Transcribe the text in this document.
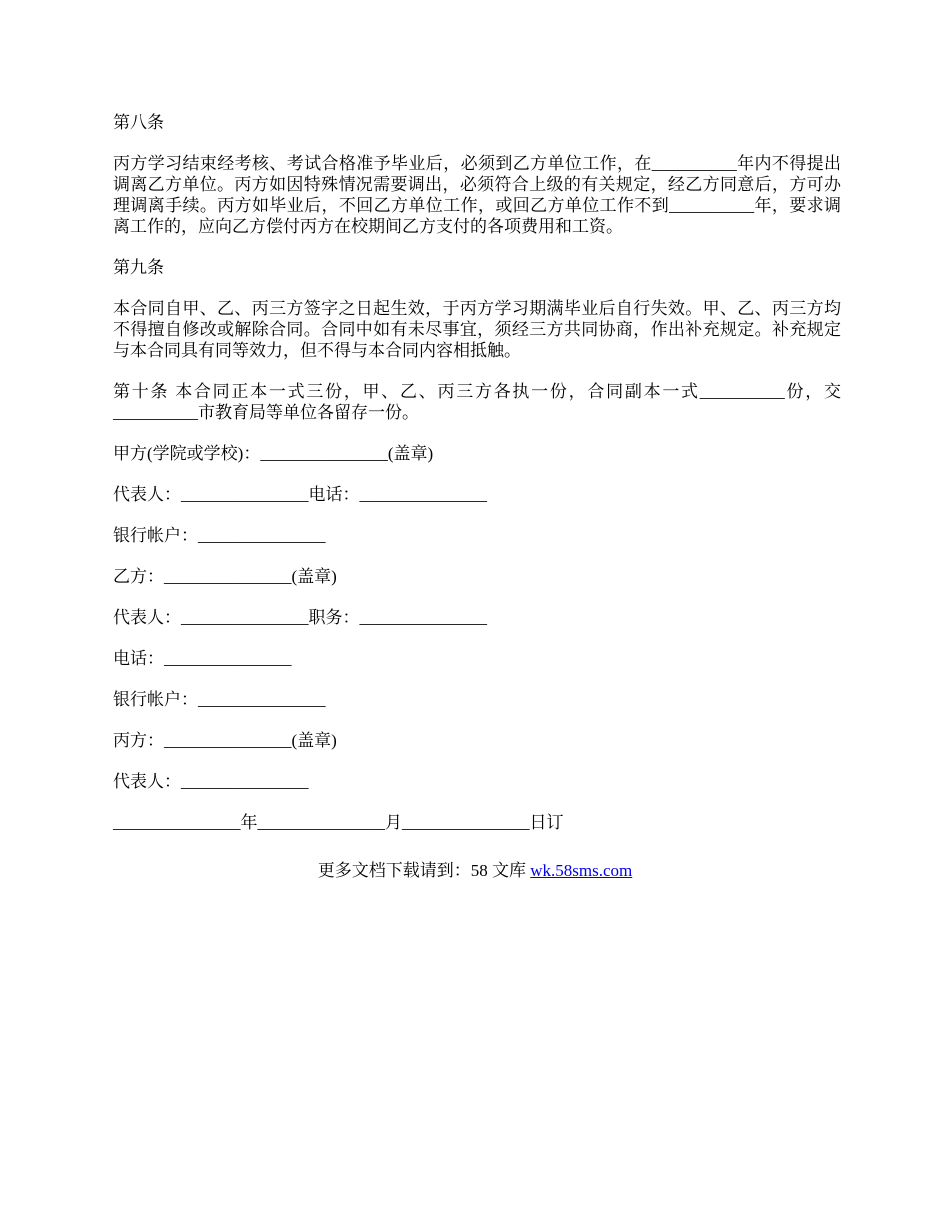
第八条

丙方学习结束经考核、考试合格准予毕业后，必须到乙方单位工作，在__________年内不得提出调离乙方单位。丙方如因特殊情况需要调出，必须符合上级的有关规定，经乙方同意后，方可办理调离手续。丙方如毕业后，不回乙方单位工作，或回乙方单位工作不到__________年，要求调离工作的，应向乙方偿付丙方在校期间乙方支付的各项费用和工资。

第九条

本合同自甲、乙、丙三方签字之日起生效，于丙方学习期满毕业后自行失效。甲、乙、丙三方均不得擅自修改或解除合同。合同中如有未尽事宜，须经三方共同协商，作出补充规定。补充规定与本合同具有同等效力，但不得与本合同内容相抵触。

第十条 本合同正本一式三份，甲、乙、丙三方各执一份，合同副本一式__________份，交__________市教育局等单位各留存一份。

甲方(学院或学校)：_______________(盖章)

代表人：_______________电话：_______________

银行帐户：_______________

乙方：_______________(盖章)

代表人：_______________职务：_______________

电话：_______________

银行帐户：_______________

丙方：_______________(盖章)

代表人：_______________

_______________年_______________月_______________日订

更多文档下载请到：58 文库 wk.58sms.com
